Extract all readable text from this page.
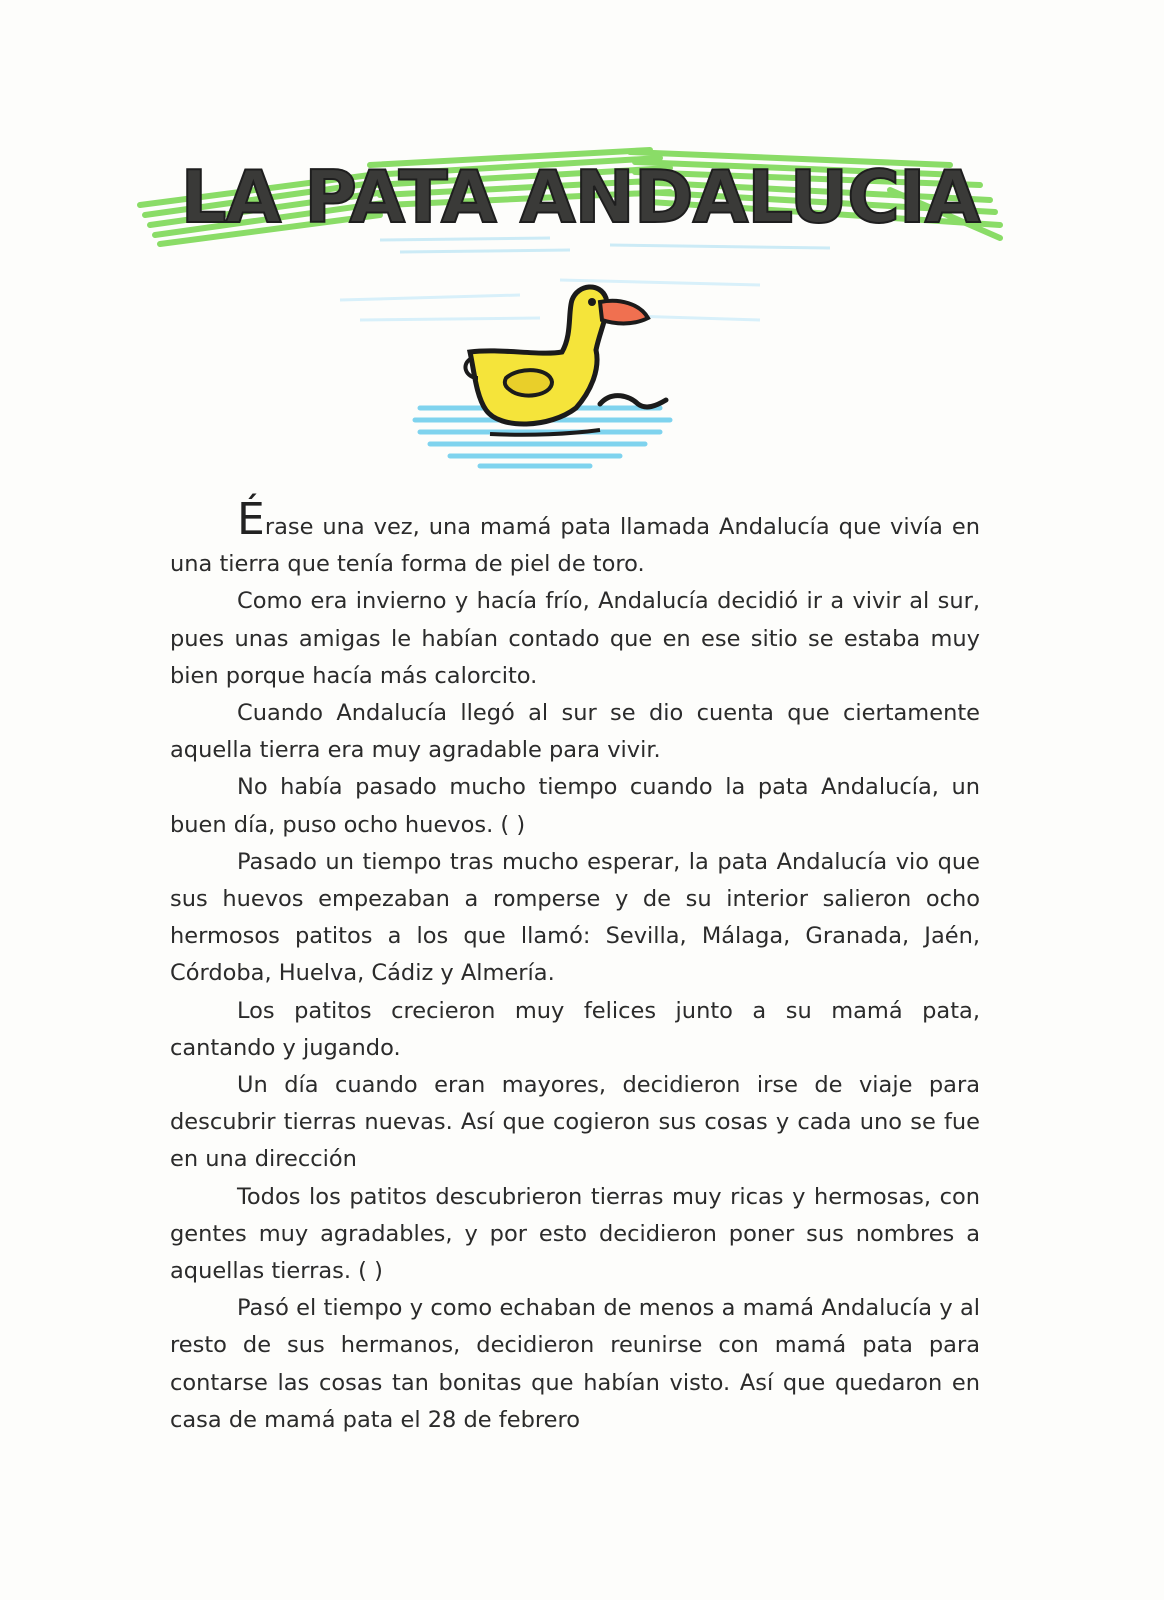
LA PATA ANDALUCIA

Érase una vez, una mamá pata llamada Andalucía que vivía en una tierra que tenía forma de piel de toro.

Como era invierno y hacía frío, Andalucía decidió ir a vivir al sur, pues unas amigas le habían contado que en ese sitio se estaba muy bien porque hacía más calorcito.

Cuando Andalucía llegó al sur se dio cuenta que ciertamente aquella tierra era muy agradable para vivir.

No había pasado mucho tiempo cuando la pata Andalucía, un buen día, puso ocho huevos. ( )

Pasado un tiempo tras mucho esperar, la pata Andalucía vio que sus huevos empezaban a romperse y de su interior salieron ocho hermosos patitos a los que llamó: Sevilla, Málaga, Granada, Jaén, Córdoba, Huelva, Cádiz y Almería.

Los patitos crecieron muy felices junto a su mamá pata, cantando y jugando.

Un día cuando eran mayores, decidieron irse de viaje para descubrir tierras nuevas. Así que cogieron sus cosas y cada uno se fue en una dirección

Todos los patitos descubrieron tierras muy ricas y hermosas, con gentes muy agradables, y por esto decidieron poner sus nombres a aquellas tierras. ( )

Pasó el tiempo y como echaban de menos a mamá Andalucía y al resto de sus hermanos, decidieron reunirse con mamá pata para contarse las cosas tan bonitas que habían visto. Así que quedaron en casa de mamá pata el 28 de febrero
